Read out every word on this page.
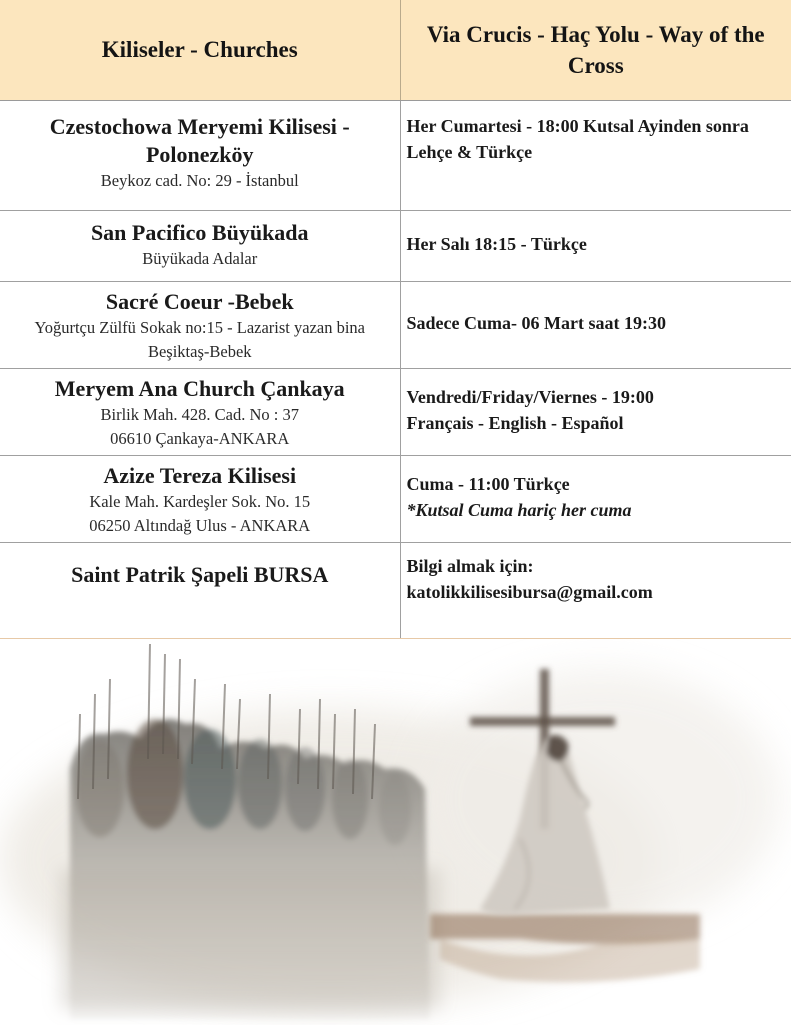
Kiliseler - Churches	Via Crucis - Haç Yolu - Way of the Cross

Czestochowa Meryemi Kilisesi - Polonezköy
Beykoz cad. No: 29 - İstanbul	Her Cumartesi - 18:00 Kutsal Ayinden sonra Lehçe & Türkçe

San Pacifico Büyükada
Büyükada Adalar	Her Salı 18:15 - Türkçe

Sacré Coeur -Bebek
Yoğurtçu Zülfü Sokak no:15 - Lazarist yazan bina
Beşiktaş-Bebek	Sadece Cuma- 06 Mart saat 19:30

Meryem Ana Church Çankaya
Birlik Mah. 428. Cad. No : 37
06610 Çankaya-ANKARA	Vendredi/Friday/Viernes - 19:00
Français - English - Español

Azize Tereza Kilisesi
Kale Mah. Kardeşler Sok. No. 15
06250 Altındağ Ulus - ANKARA	Cuma - 11:00 Türkçe
*Kutsal Cuma hariç her cuma

Saint Patrik Şapeli BURSA	Bilgi almak için:
katolikkilisesibursa@gmail.com
